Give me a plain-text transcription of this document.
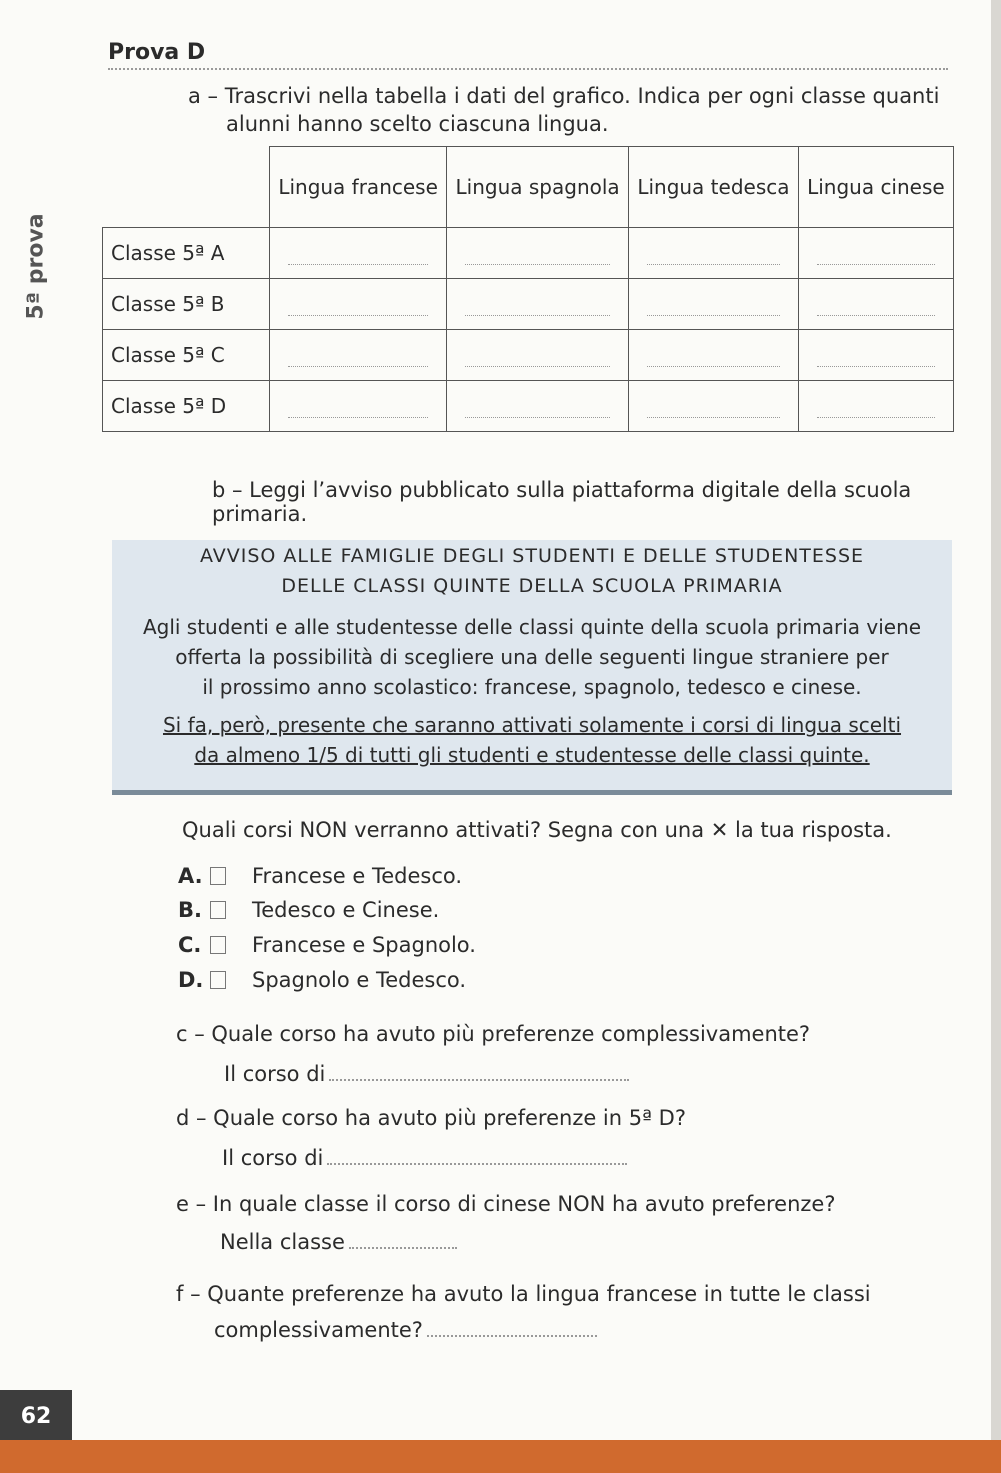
Prova D
5ª prova
a – Trascrivi nella tabella i dati del grafico. Indica per ogni classe quanti
alunni hanno scelto ciascuna lingua.
	Lingua francese	Lingua spagnola	Lingua tedesca	Lingua cinese
Classe 5ª A	

Classe 5ª B	

Classe 5ª C	

Classe 5ª D	

b – Leggi l’avviso pubblicato sulla piattaforma digitale della scuola primaria.
AVVISO ALLE FAMIGLIE DEGLI STUDENTI E DELLE STUDENTESSE
DELLE CLASSI QUINTE DELLA SCUOLA PRIMARIA
Agli studenti e alle studentesse delle classi quinte della scuola primaria viene
offerta la possibilità di scegliere una delle seguenti lingue straniere per
il prossimo anno scolastico: francese, spagnolo, tedesco e cinese.
Si fa, però, presente che saranno attivati solamente i corsi di lingua scelti
da almeno 1/5 di tutti gli studenti e studentesse delle classi quinte.
Quali corsi NON verranno attivati? Segna con una ✕ la tua risposta.
A. Francese e Tedesco.
B. Tedesco e Cinese.
C. Francese e Spagnolo.
D. Spagnolo e Tedesco.
c – Quale corso ha avuto più preferenze complessivamente?
Il corso di
d – Quale corso ha avuto più preferenze in 5ª D?
Il corso di
e – In quale classe il corso di cinese NON ha avuto preferenze?
Nella classe
f – Quante preferenze ha avuto la lingua francese in tutte le classi
complessivamente?
62
